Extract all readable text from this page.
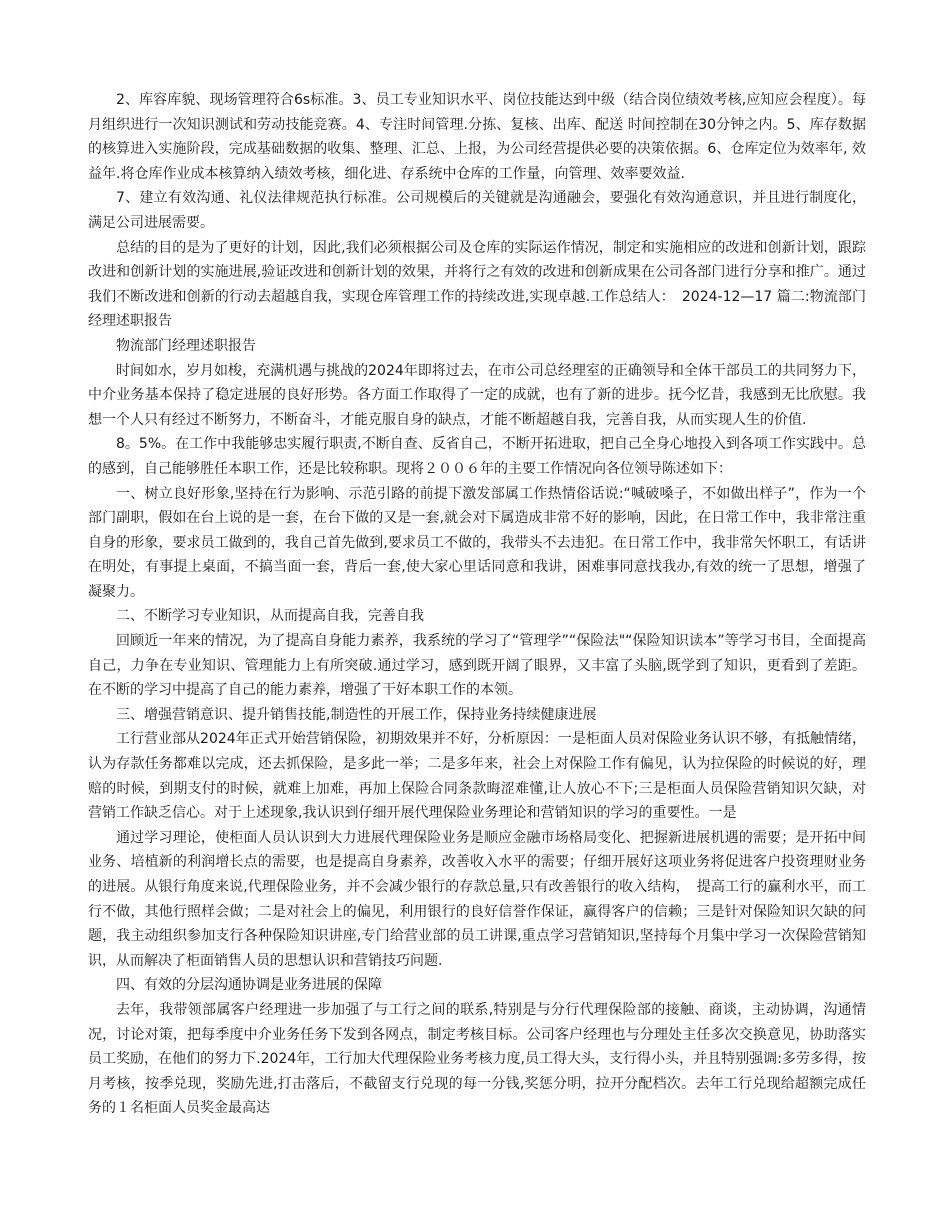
2、库容库貌、现场管理符合6s标准。3、员工专业知识水平、岗位技能达到中级（结合岗位绩效考核,应知应会程度）。每月组织进行一次知识测试和劳动技能竞赛。4、专注时间管理.分拣、复核、出库、配送 时间控制在30分钟之内。5、库存数据的核算进入实施阶段，完成基础数据的收集、整理、汇总、上报，为公司经营提供必要的决策依据。6、仓库定位为效率年, 效益年.将仓库作业成本核算纳入绩效考核，细化进、存系统中仓库的工作量，向管理、效率要效益.

7、建立有效沟通、礼仪法律规范执行标准。公司规模后的关键就是沟通融会，要强化有效沟通意识，并且进行制度化，满足公司进展需要。

总结的目的是为了更好的计划，因此,我们必须根据公司及仓库的实际运作情况，制定和实施相应的改进和创新计划，跟踪改进和创新计划的实施进展,验证改进和创新计划的效果，并将行之有效的改进和创新成果在公司各部门进行分享和推广。通过我们不断改进和创新的行动去超越自我，实现仓库管理工作的持续改进,实现卓越.工作总结人：　2024-12—17 篇二:物流部门经理述职报告

物流部门经理述职报告

时间如水，岁月如梭，充满机遇与挑战的2024年即将过去，在市公司总经理室的正确领导和全体干部员工的共同努力下，中介业务基本保持了稳定进展的良好形势。各方面工作取得了一定的成就，也有了新的进步。抚今忆昔，我感到无比欣慰。我想一个人只有经过不断努力，不断奋斗，才能克服自身的缺点，才能不断超越自我，完善自我，从而实现人生的价值.

8。5%。在工作中我能够忠实履行职责,不断自查、反省自己，不断开拓进取，把自己全身心地投入到各项工作实践中。总的感到，自己能够胜任本职工作，还是比较称职。现将２００６年的主要工作情况向各位领导陈述如下：

一、树立良好形象,坚持在行为影响、示范引路的前提下激发部属工作热情俗话说:“喊破嗓子，不如做出样子”，作为一个部门副职，假如在台上说的是一套，在台下做的又是一套,就会对下属造成非常不好的影响，因此，在日常工作中，我非常注重自身的形象，要求员工做到的，我自己首先做到,要求员工不做的，我带头不去违犯。在日常工作中，我非常矢怀职工，有话讲在明处，有事提上桌面，不搞当面一套，背后一套,使大家心里话同意和我讲，困难事同意找我办,有效的统一了思想，增强了凝聚力。

二、不断学习专业知识，从而提高自我，完善自我

回顾近一年来的情况，为了提高自身能力素养，我系统的学习了“管理学”“保险法"“保险知识读本”等学习书目，全面提高自己，力争在专业知识、管理能力上有所突破.通过学习，感到既开阔了眼界，又丰富了头脑,既学到了知识，更看到了差距。在不断的学习中提高了自己的能力素养，增强了干好本职工作的本领。

三、增强营销意识、提升销售技能,制造性的开展工作，保持业务持续健康进展

工行营业部从2024年正式开始营销保险，初期效果并不好，分析原因：一是柜面人员对保险业务认识不够，有抵触情绪，认为存款任务都难以完成，还去抓保险，是多此一举；二是多年来，社会上对保险工作有偏见，认为拉保险的时候说的好，理赔的时候，到期支付的时候，就难上加难，再加上保险合同条款晦涩难懂,让人放心不下;三是柜面人员保险营销知识欠缺，对营销工作缺乏信心。对于上述现象,我认识到仔细开展代理保险业务理论和营销知识的学习的重要性。一是

通过学习理论，使柜面人员认识到大力进展代理保险业务是顺应金融市场格局变化、把握新进展机遇的需要；是开拓中间业务、培植新的利润增长点的需要，也是提高自身素养，改善收入水平的需要；仔细开展好这项业务将促进客户投资理财业务的进展。从银行角度来说,代理保险业务，并不会减少银行的存款总量,只有改善银行的收入结构，　提高工行的赢利水平，而工行不做，其他行照样会做；二是对社会上的偏见，利用银行的良好信誉作保证，赢得客户的信赖；三是针对保险知识欠缺的问题，我主动组织参加支行各种保险知识讲座,专门给营业部的员工讲课,重点学习营销知识,坚持每个月集中学习一次保险营销知识，从而解决了柜面销售人员的思想认识和营销技巧问题.

四、有效的分层沟通协调是业务进展的保障

去年，我带领部属客户经理进一步加强了与工行之间的联系,特别是与分行代理保险部的接触、商谈，主动协调，沟通情况，讨论对策，把每季度中介业务任务下发到各网点，制定考核目标。公司客户经理也与分理处主任多次交换意见，协助落实员工奖励，在他们的努力下.2024年，工行加大代理保险业务考核力度,员工得大头，支行得小头，并且特别强调:多劳多得，按月考核，按季兑现，奖励先进,打击落后，不截留支行兑现的每一分钱,奖惩分明，拉开分配档次。去年工行兑现给超额完成任务的１名柜面人员奖金最高达
